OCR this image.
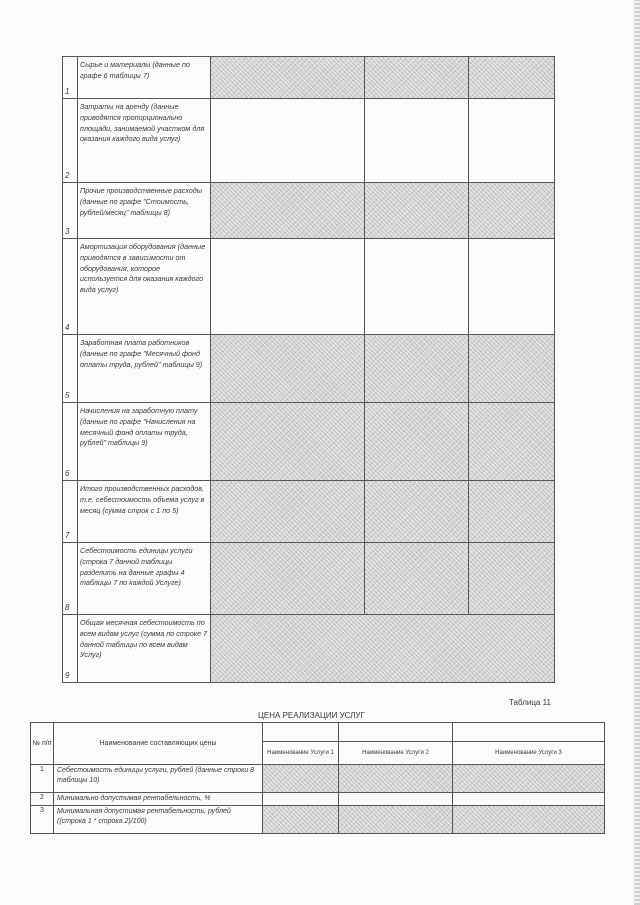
1	Сырье и материалы (данные по графе 6 таблицы 7)			
2	Затраты на аренду (данные приводятся пропорционально площади, занимаемой участком для оказания каждого вида услуг)			
3	Прочие производственные расходы (данные по графе "Стоимость, рублей/месяц" таблицы 8)			
4	Амортизация оборудования (данные приводятся в зависимости от оборудования, которое используется для оказания каждого вида услуг)			
5	Заработная плата работников (данные по графе "Месячный фонд оплаты труда, рублей" таблицы 9)			
6	Начисления на заработную плату (данные по графе "Начисления на месячный фонд оплаты труда, рублей" таблицы 9)			
7	Итого производственных расходов, т.е. себестоимость объема услуг в месяц (сумма строк с 1 по 5)			
8	Себестоимость единицы услуги (строка 7 данной таблицы разделить на данные графы 4 таблицы 7 по каждой Услуге)			
9	Общая месячная себестоимость по всем видам услуг (сумма по строке 7 данной таблицы по всем видам Услуг)			
Таблица 11
ЦЕНА РЕАЛИЗАЦИИ УСЛУГ
№ п/п	Наименование составляющих цены			
		Наименование Услуги 1	Наименование Услуги 2	Наименование Услуги 3
1	Себестоимость единицы услуги, рублей (данные строки 8 таблицы 10)			
2	Минимально допустимая рентабельность, %			
3	Минимальная допустимая рентабельность, рублей ((строка 1 * строка 2)/100)			
